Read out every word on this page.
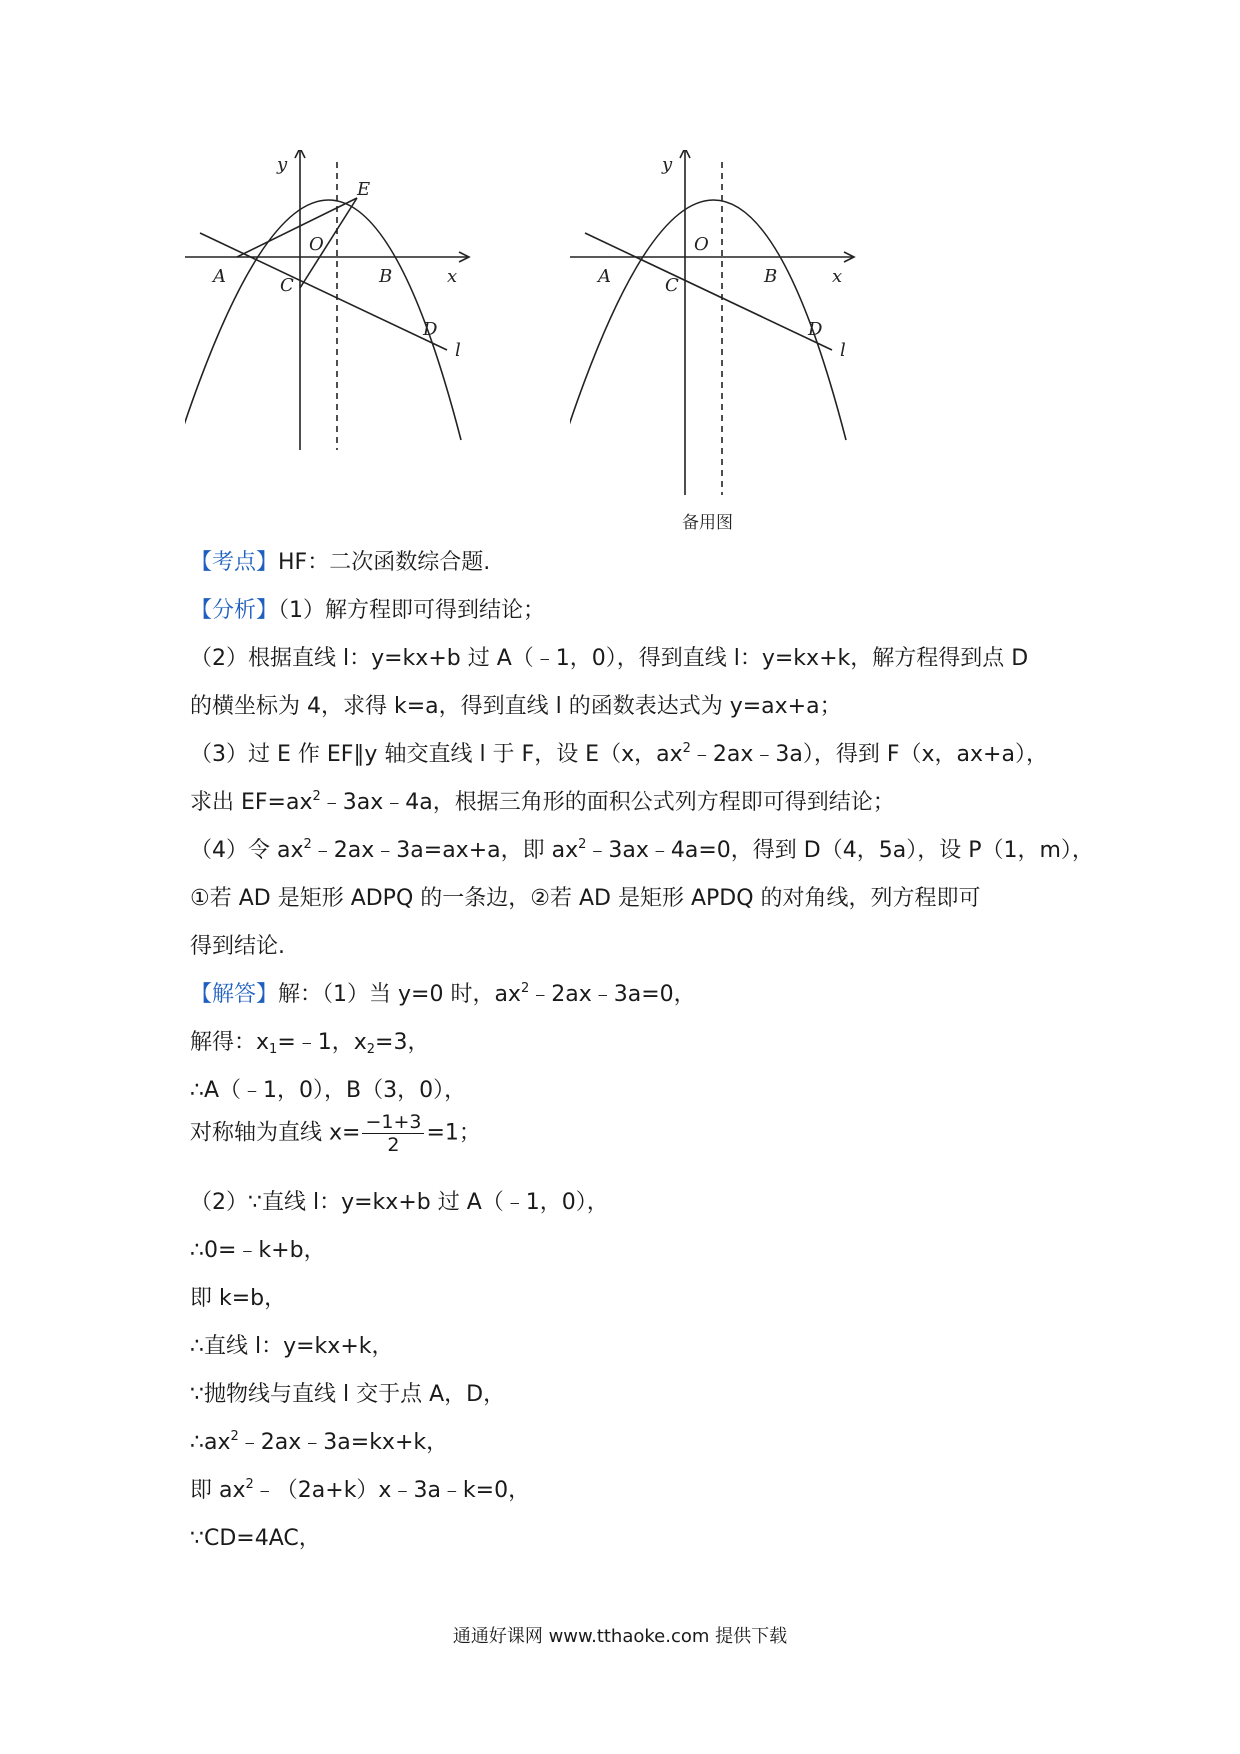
y
x
O
E
A	C	B
D
l
y
x
O
A	C	B
D
l
备用图
【考点】HF：二次函数综合题.
【分析】（1）解方程即可得到结论；
（2）根据直线 l：y=kx+b 过 A（﹣1，0），得到直线 l：y=kx+k，解方程得到点 D
的横坐标为 4，求得 k=a，得到直线 l 的函数表达式为 y=ax+a；
（3）过 E 作 EF∥y 轴交直线 l 于 F，设 E（x，$ax^2﹣2ax﹣3a$），得到 F（x，ax+a），
求出 $EF=ax^2﹣3ax﹣4a$，根据三角形的面积公式列方程即可得到结论；
（4）令 $ax^2﹣2ax﹣3a=ax+a$，即 $ax^2﹣3ax﹣4a=0$，得到 D（4，5a），设 P（1，m），
①若 AD 是矩形 ADPQ 的一条边，②若 AD 是矩形 APDQ 的对角线，列方程即可
得到结论.
【解答】解：（1）当 y=0 时，$ax^2﹣2ax﹣3a=0$，
解得：$x_1=﹣1$，$x_2=3$，
∴A（﹣1，0），B（3，0），
对称轴为直线 $x= \frac{-1+3}{2} =1$；
（2）∵直线 l：y=kx+b 过 A（﹣1，0），
∴0=﹣k+b，
即 k=b，
∴直线 l：y=kx+k，
∵抛物线与直线 l 交于点 A，D，
$\therefore ax^2﹣2ax﹣3a=kx+k$，
即 $ax^2﹣(2a+k)x﹣3a﹣k=0$，
∵CD=4AC，
通通好课网 www.tthaoke.com 提供下载
